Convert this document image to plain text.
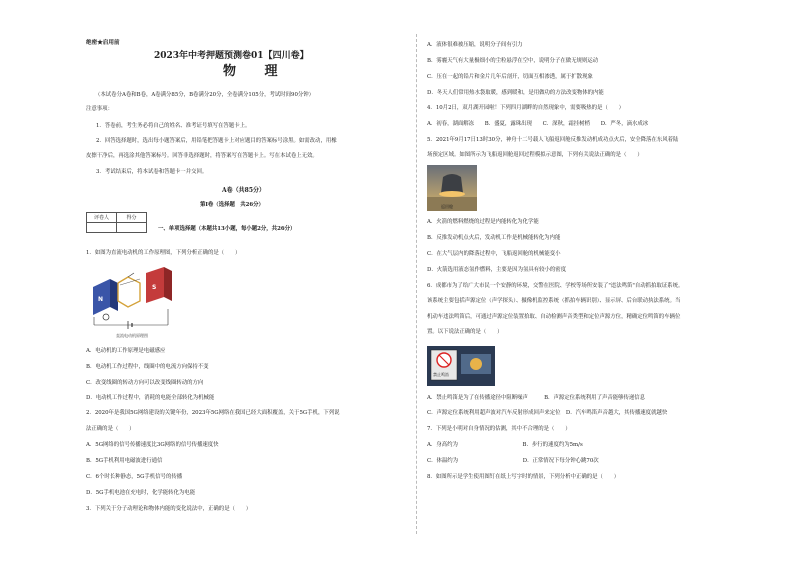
绝密★启用前
2023年中考押题预测卷01【四川卷】
物 理
（本试卷分A卷和B卷，A卷满分85分，B卷满分20分，全卷满分105分，考试时间90分钟）
注意事项：
1．答卷前，考生务必将自己的姓名、准考证号填写在答题卡上。
2．回答选择题时，选出每小题答案后，用铅笔把答题卡上对应题目的答案标号涂黑。如需改动，用橡
皮擦干净后，再选涂其他答案标号。回答非选择题时，将答案写在答题卡上。写在本试卷上无效。
3．考试结束后，将本试卷和答题卡一并交回。
A卷（共85分）
第Ⅰ卷（选择题　共26分）
评卷人	得分

一、单项选择题（本题共13小题，每小题2分，共26分）
1．如图为直流电动机的工作原理图，下列分析正确的是（　　）
N
S
直流电动机原理图
A．电动机的工作原理是电磁感应
B．电动机工作过程中，线圈中的电流方向保持不变
C．改变线圈的转动方向可以改变线圈转动的方向
D．电动机工作过程中，消耗的电能全部转化为机械能
2．2020年是我国5G网络建设的关键年份，2023年5G网络在我国已经大面积覆盖，关于5G手机，下列说
法正确的是（　　）
A．5G网络的信号传播速度比3G网络的信号传播速度快
B．5G手机利用电磁波进行通信
C．6个时长种静态，5G手机信号的传播
D．5G手机电池在充电时，化学能转化为电能
3．下列关于分子动理论和物体内能的变化说法中，正确的是（　　）
A．液体很难被压缩，说明分子间有引力
B．雾霾天气有大量极细小的尘粒悬浮在空中，说明分子在做无规则运动
C．压在一起的铅片和金片几年后剖开，切面互相渗透，属于扩散现象
D．冬天人们常用热水袋取暖，感到暖和，是用做功的方法改变物体的内能
4．10月2日，双月湖开园啦！下列四月湖畔的自然现象中，需要吸热的是（　　）
A．初春，湖面解冻　　B．盛夏，露珠出现　　C．深秋，霜挂树梢　　D．严冬，滴水成冰
5．2021年9月17日13时30分，神舟十二号载人飞船返回舱反推发动机成功点火后，安全降落在东风着陆
场预定区域。如图所示为飞船返回舱返回过程模拟示意图，下列有关说法正确的是（　　）
返回舱
A．火箭的燃料燃烧的过程是内能转化为化学能
B．反推发动机点火后，发动机工作是机械能转化为内能
C．在大气层内的降落过程中，飞船返回舱的机械能变小
D．火箭选用液态氢作燃料，主要是因为氢具有较小的密度
6．成都市为了给广大市民一个安静的环境，交警在医院、学校等场所安装了"违法鸣笛"自动抓拍取证系统。
该系统主要包括声源定位（声学探头）、摄像机监控系统（抓拍车辆识别）、显示屏、后台联动执法系统。当
机动车违法鸣笛后，可通过声源定位装置拾取、自动检测声音类型和定位声源方位，精确定位鸣笛的车辆位
置。以下说法正确的是（　　）
禁止鸣笛
A．禁止鸣笛是为了在传播途径中阻断噪声　　　B．声源定位系统利用了声音能够传递信息
C．声源定位系统利用超声波对汽车反射形成回声来定位　D．汽车鸣笛声音越大，其传播速度就越快
7．下列是小明对自身情况的估测，其中不合理的是（　　）
A．身高约为　　　　　　　　　　　　B．步行的速度约为5m/s
C．体温约为　　　　　　　　　　　　D．正常情况下每分钟心跳70次
8．如图所示是学生使用图钉在纸上写字时的情景，下列分析中正确的是（　　）
